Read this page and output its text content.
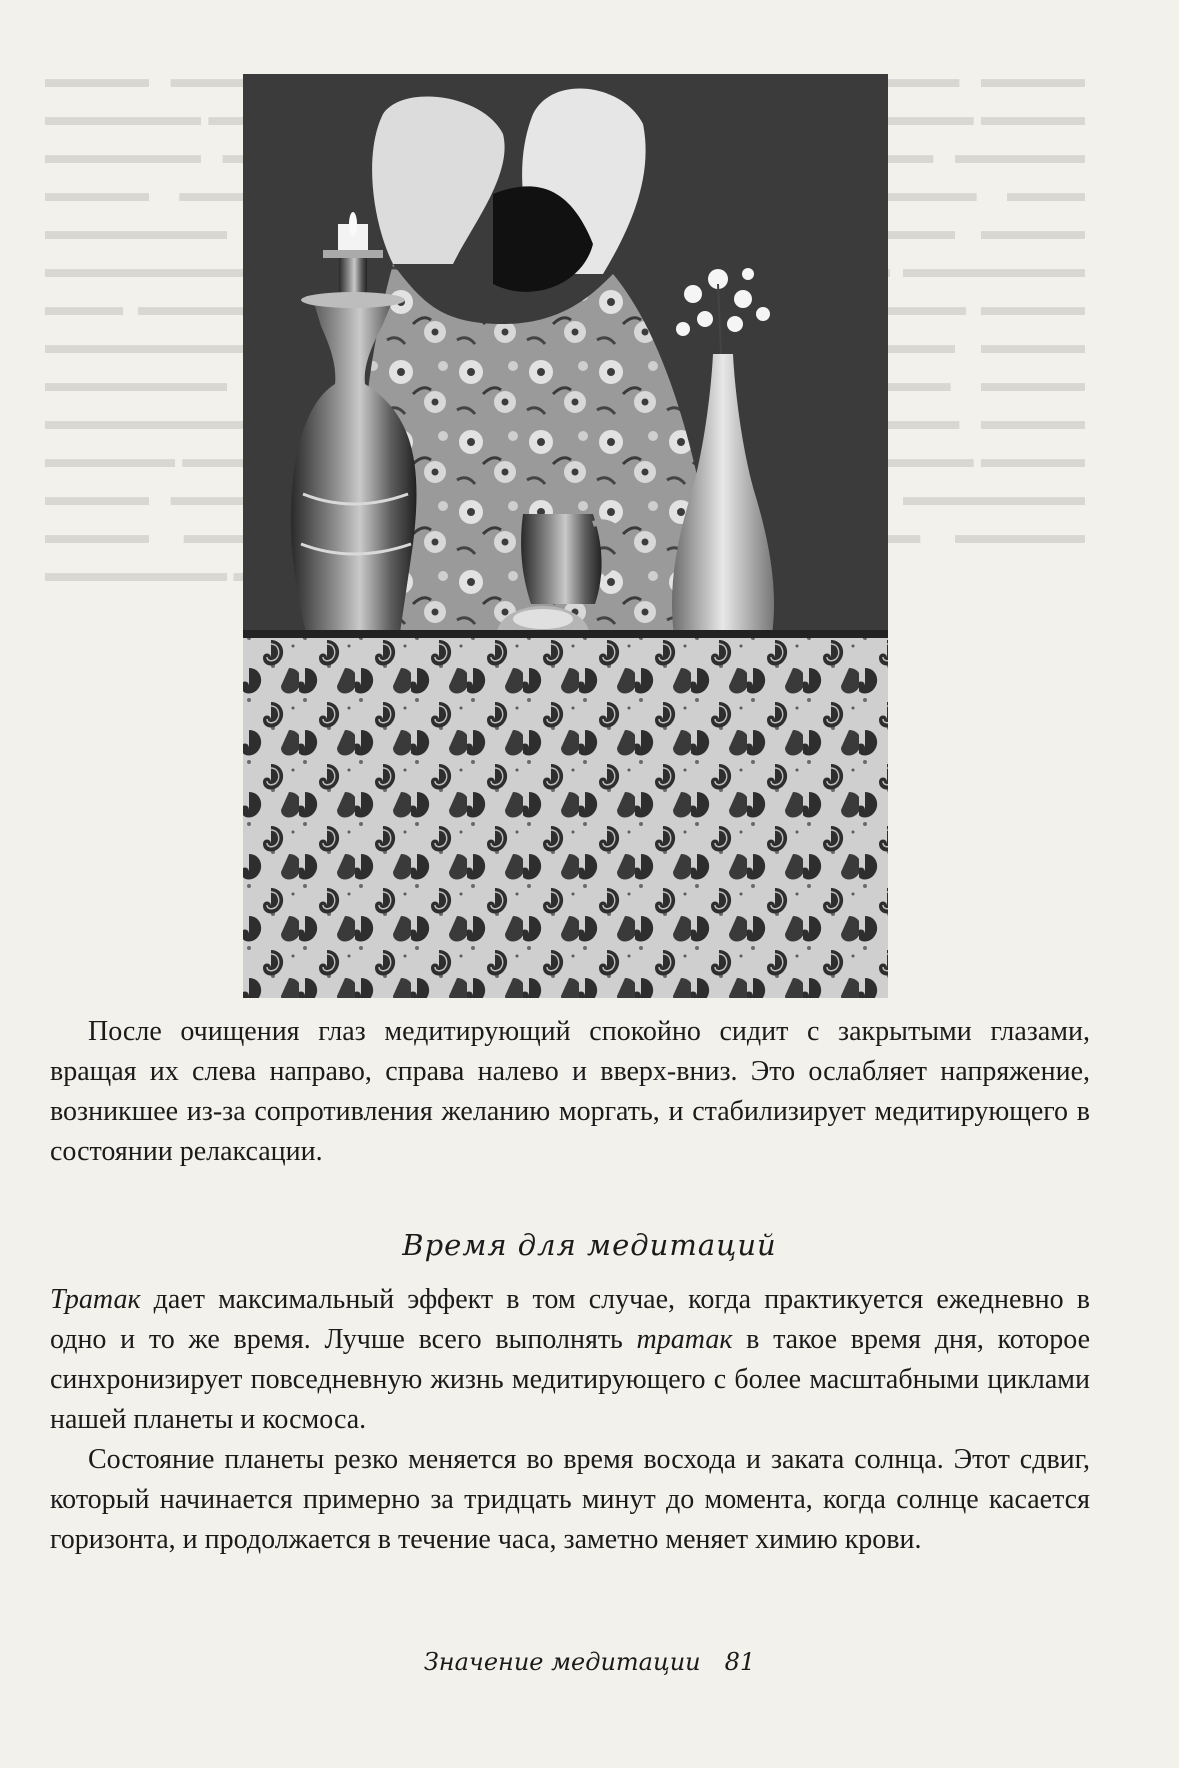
▬▬▬▬ ▬▬▬▬▬ ▬▬▬▬ ▬▬▬▬▬▬ ▬▬▬▬▬▬ ▬▬▬▬ ▬▬▬▬▬▬ ▬▬▬▬▬ ▬▬▬▬ ▬▬▬▬▬ ▬▬▬ ▬▬▬▬▬▬▬ ▬▬▬▬ ▬▬▬▬▬▬▬▬ ▬▬▬▬▬▬▬ ▬▬▬ ▬▬▬▬▬▬ ▬▬▬▬ ▬▬▬▬ ▬▬▬▬▬▬▬▬ ▬▬▬▬ ▬▬▬▬ ▬▬▬▬▬▬▬ ▬▬▬▬ ▬▬▬▬ ▬▬▬▬▬▬▬▬ ▬▬▬▬ ▬▬▬▬▬ ▬▬▬▬ ▬▬▬▬ ▬▬▬▬ ▬▬▬▬▬▬▬ ▬▬▬▬ ▬▬▬▬▬ ▬▬▬▬▬▬▬

После очищения глаз медитирующий спокойно сидит с закрытыми глазами, вращая их слева направо, справа налево и вверх-вниз. Это ослабляет напряжение, возникшее из-за сопротивления желанию моргать, и стабилизирует медитирующего в состоянии релаксации.

Время для медитаций

Тратак дает максимальный эффект в том случае, когда практикуется ежедневно в одно и то же время. Лучше всего выполнять тратак в такое время дня, которое синхронизирует повседневную жизнь медитирующего с более масштабными циклами нашей планеты и космоса.

Состояние планеты резко меняется во время восхода и заката солнца. Этот сдвиг, который начинается примерно за тридцать минут до момента, когда солнце касается горизонта, и продолжается в течение часа, заметно меняет химию крови.

Значение медитации 81
